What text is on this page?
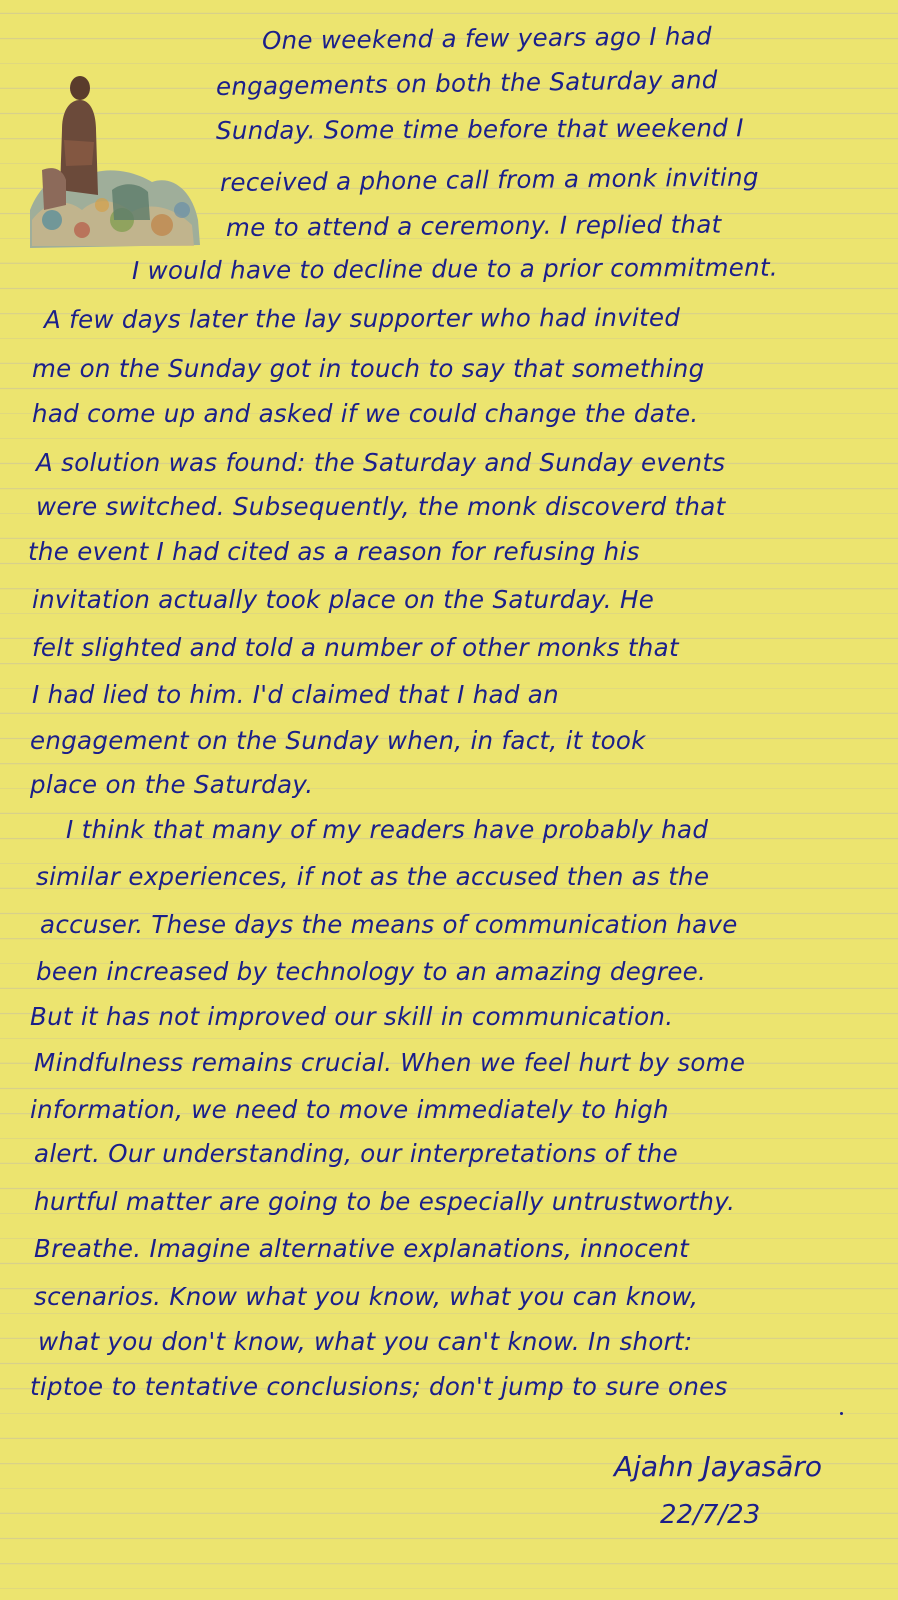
One weekend a few years ago I had
engagements on both the Saturday and
Sunday. Some time before that weekend I
received a phone call from a monk inviting
me to attend a ceremony. I replied that
I would have to decline due to a prior commitment.
A few days later the lay supporter who had invited
me on the Sunday got in touch to say that something
had come up and asked if we could change the date.
A solution was found: the Saturday and Sunday events
were switched. Subsequently, the monk discoverd that
the event I had cited as a reason for refusing his
invitation actually took place on the Saturday. He
felt slighted and told a number of other monks that
I had lied to him. I'd claimed that I had an
engagement on the Sunday when, in fact, it took
place on the Saturday.
I think that many of my readers have probably had
similar experiences, if not as the accused then as the
accuser. These days the means of communication have
been increased by technology to an amazing degree.
But it has not improved our skill in communication.
Mindfulness remains crucial. When we feel hurt by some
information, we need to move immediately to high
alert. Our understanding, our interpretations of the
hurtful matter are going to be especially untrustworthy.
Breathe. Imagine alternative explanations, innocent
scenarios. Know what you know, what you can know,
what you don't know, what you can't know. In short:
tiptoe to tentative conclusions; don't jump to sure ones
Ajahn Jayasāro
22/7/23
